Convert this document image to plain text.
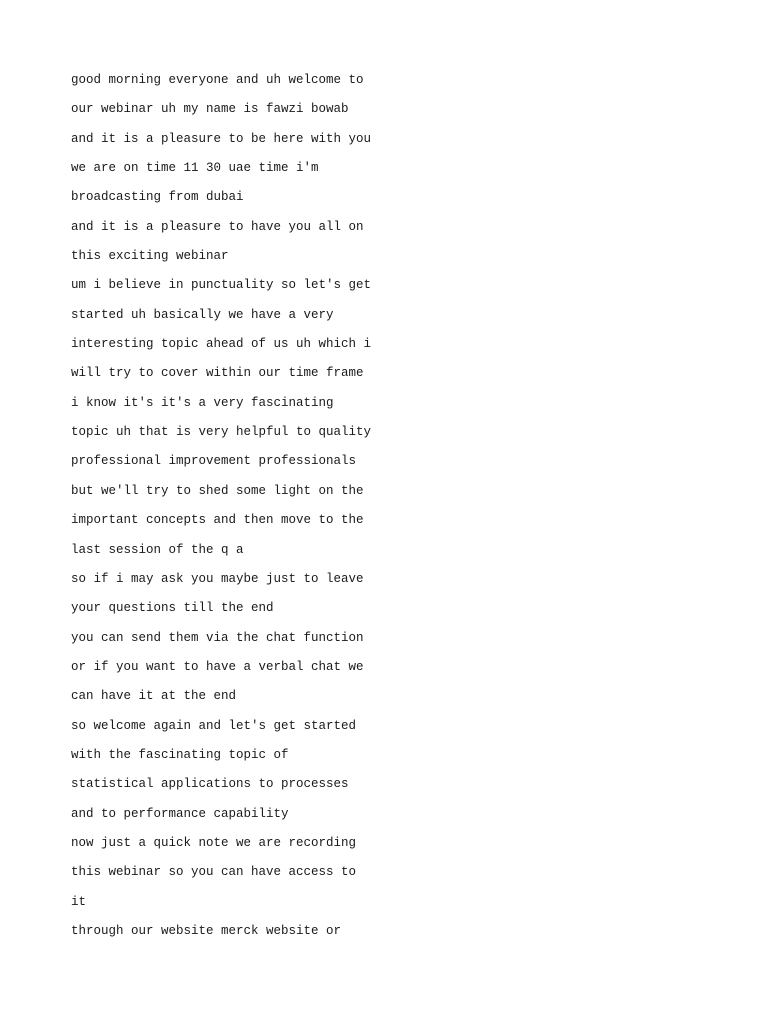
good morning everyone and uh welcome to
our webinar uh my name is fawzi bowab
and it is a pleasure to be here with you
we are on time 11 30 uae time i'm
broadcasting from dubai
and it is a pleasure to have you all on
this exciting webinar
um i believe in punctuality so let's get
started uh basically we have a very
interesting topic ahead of us uh which i
will try to cover within our time frame
i know it's it's a very fascinating
topic uh that is very helpful to quality
professional improvement professionals
but we'll try to shed some light on the
important concepts and then move to the
last session of the q a
so if i may ask you maybe just to leave
your questions till the end
you can send them via the chat function
or if you want to have a verbal chat we
can have it at the end
so welcome again and let's get started
with the fascinating topic of
statistical applications to processes
and to performance capability
now just a quick note we are recording
this webinar so you can have access to
it
through our website merck website or
